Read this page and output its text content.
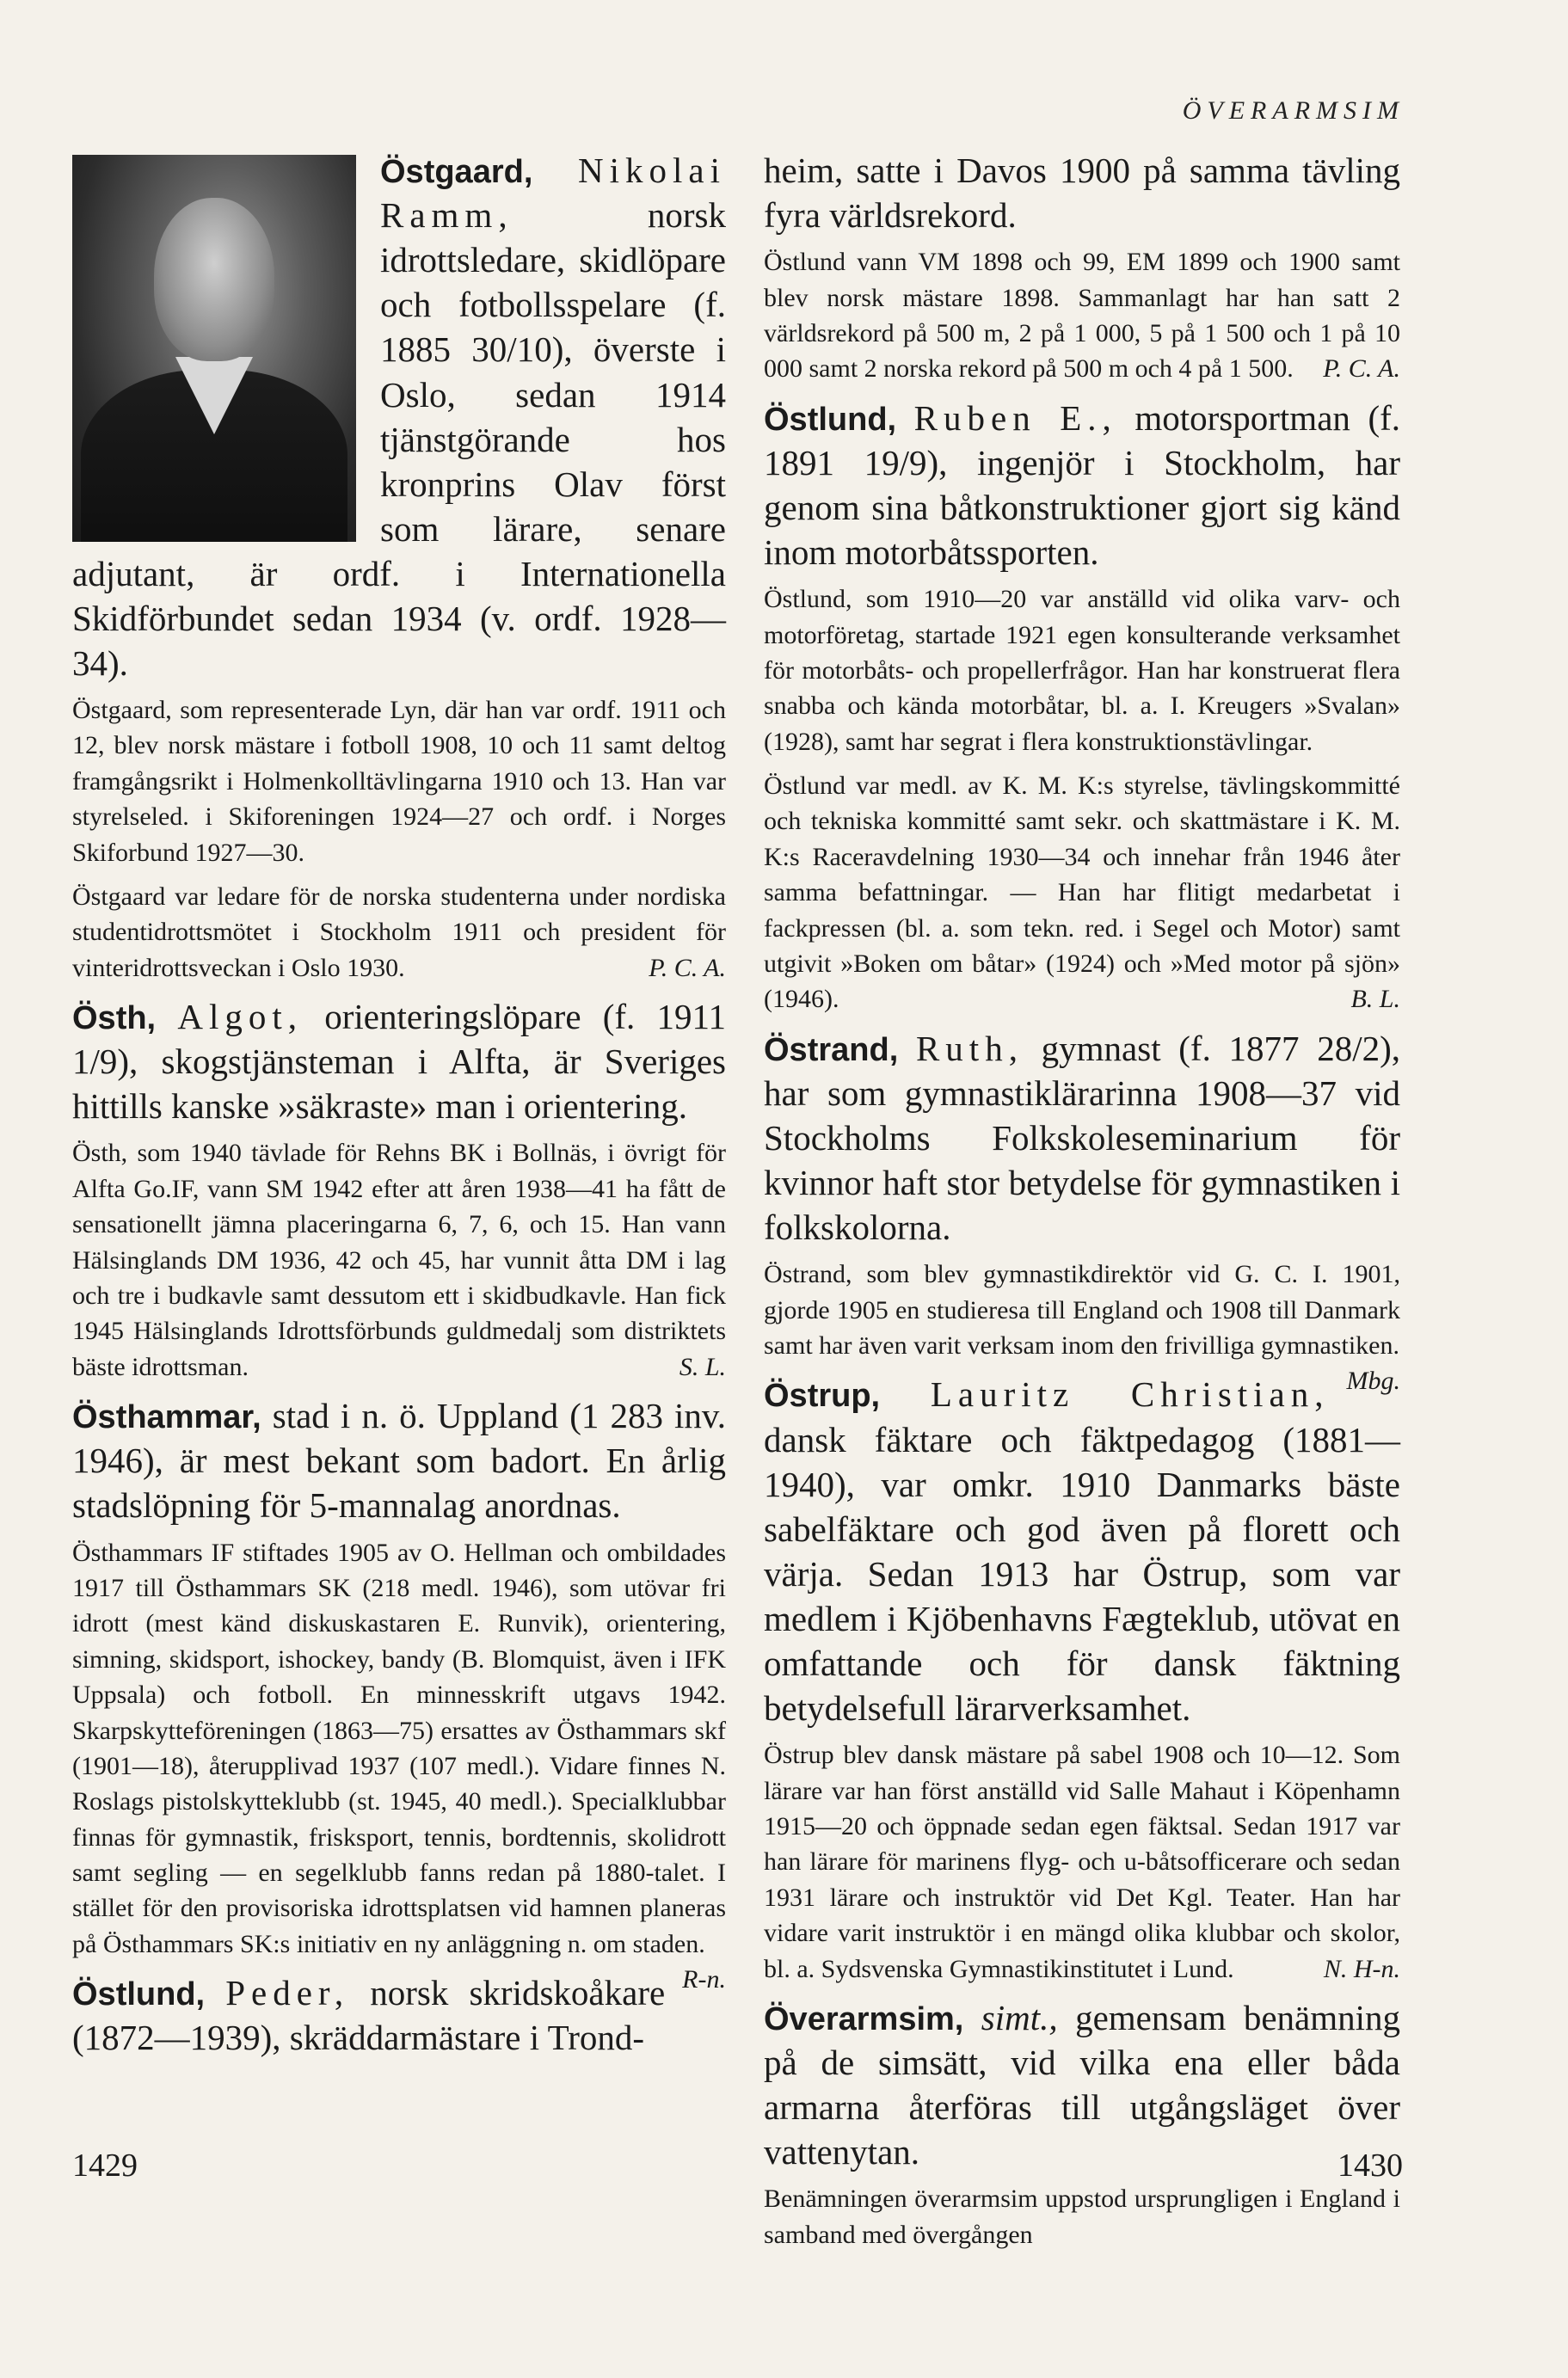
ÖVERARMSIM

Östgaard, Nikolai Ramm,	norsk idrottsledare, skidlöpare och fotbollsspelare (f. 1885 30/10), överste i Oslo, sedan 1914 tjänstgörande hos kronprins Olav först som lärare, senare adjutant, är ordf. i Internationella Skidförbundet sedan 1934 (v. ordf. 1928—34).

Östgaard, som representerade Lyn, där han var ordf. 1911 och 12, blev norsk mästare i fotboll 1908, 10 och 11 samt deltog framgångsrikt i Holmenkolltävlingarna 1910 och 13. Han var styrelseled. i Skiforeningen 1924—27 och ordf. i Norges Skiforbund 1927—30.

Östgaard var ledare för de norska studenterna under nordiska studentidrottsmötet i Stockholm 1911 och president för vinteridrottsveckan i Oslo 1930.	P. C. A.

Östh, Algot, orienteringslöpare (f. 1911 1/9), skogstjänsteman i Alfta, är Sveriges hittills kanske »säkraste» man i orientering.

Östh, som 1940 tävlade för Rehns BK i Bollnäs, i övrigt för Alfta Go.IF, vann SM 1942 efter att åren 1938—41 ha fått de sensationellt jämna placeringarna 6, 7, 6, och 15. Han vann Hälsinglands DM 1936, 42 och 45, har vunnit åtta DM i lag och tre i budkavle samt dessutom ett i skidbudkavle. Han fick 1945 Hälsinglands Idrottsförbunds guldmedalj som distriktets bäste idrottsman.	S. L.

Östhammar, stad i n. ö. Uppland (1 283 inv. 1946), är mest bekant som badort. En årlig stadslöpning för 5-mannalag anordnas.

Östhammars IF stiftades 1905 av O. Hellman och ombildades 1917 till Östhammars SK (218 medl. 1946), som utövar fri idrott (mest känd diskuskastaren E. Runvik), orientering, simning, skidsport, ishockey, bandy (B. Blomquist, även i IFK Uppsala) och fotboll. En minnesskrift utgavs 1942. Skarpskytteföreningen (1863—75) ersattes av Östhammars skf (1901—18), återupplivad 1937 (107 medl.). Vidare finnes N. Roslags pistolskytteklubb (st. 1945, 40 medl.). Specialklubbar finnas för gymnastik, frisksport, tennis, bordtennis, skolidrott samt segling — en segelklubb fanns redan på 1880-talet. I stället för den provisoriska idrottsplatsen vid hamnen planeras på Östhammars SK:s initiativ en ny anläggning n. om staden.
R-n.

Östlund, Peder, norsk skridskoåkare (1872—1939), skräddarmästare i Trond-

heim, satte i Davos 1900 på samma tävling fyra världsrekord.

Östlund vann VM 1898 och 99, EM 1899 och 1900 samt blev norsk mästare 1898. Sammanlagt har han satt 2 världsrekord på 500 m, 2 på 1 000, 5 på 1 500 och 1 på 10 000 samt 2 norska rekord på 500 m och 4 på 1 500. P. C. A.

Östlund, Ruben E., motorsportman (f. 1891 19/9), ingenjör i Stockholm, har genom sina båtkonstruktioner gjort sig känd inom motorbåtssporten.

Östlund, som 1910—20 var anställd vid olika varv- och motorföretag, startade 1921 egen konsulterande verksamhet för motorbåts- och propellerfrågor. Han har konstruerat flera snabba och kända motorbåtar, bl. a. I. Kreugers »Svalan» (1928), samt har segrat i flera konstruktionstävlingar.

Östlund var medl. av K. M. K:s styrelse, tävlingskommitté och tekniska kommitté samt sekr. och skattmästare i K. M. K:s Raceravdelning 1930—34 och innehar från 1946 åter samma befattningar. — Han har flitigt medarbetat i fackpressen (bl. a. som tekn. red. i Segel och Motor) samt utgivit »Boken om båtar» (1924) och »Med motor på sjön» (1946).	B. L.

Östrand, Ruth, gymnast (f. 1877 28/2), har som gymnastiklärarinna 1908—37 vid Stockholms Folkskoleseminarium för kvinnor haft stor betydelse för gymnastiken i folkskolorna.

Östrand, som blev gymnastikdirektör vid G. C. I. 1901, gjorde 1905 en studieresa till England och 1908 till Danmark samt har även varit verksam inom den frivilliga gymnastiken.
Mbg.

Östrup, Lauritz Christian, dansk fäktare och fäktpedagog (1881—1940), var omkr. 1910 Danmarks bäste sabelfäktare och god även på florett och värja. Sedan 1913 har Östrup, som var medlem i Kjöbenhavns Fægteklub, utövat en omfattande och för dansk fäktning betydelsefull lärarverksamhet.

Östrup blev dansk mästare på sabel 1908 och 10—12. Som lärare var han först anställd vid Salle Mahaut i Köpenhamn 1915—20 och öppnade sedan egen fäktsal. Sedan 1917 var han lärare för marinens flyg- och u-båtsofficerare och sedan 1931 lärare och instruktör vid Det Kgl. Teater. Han har vidare varit instruktör i en mängd olika klubbar och skolor, bl. a. Sydsvenska Gymnastikinstitutet i Lund.	N. H-n.

Överarmsim, simt., gemensam benämning på de simsätt, vid vilka ena eller båda armarna återföras till utgångsläget över vattenytan.

Benämningen överarmsim uppstod ursprungligen i England i samband med övergången

1429	1430
